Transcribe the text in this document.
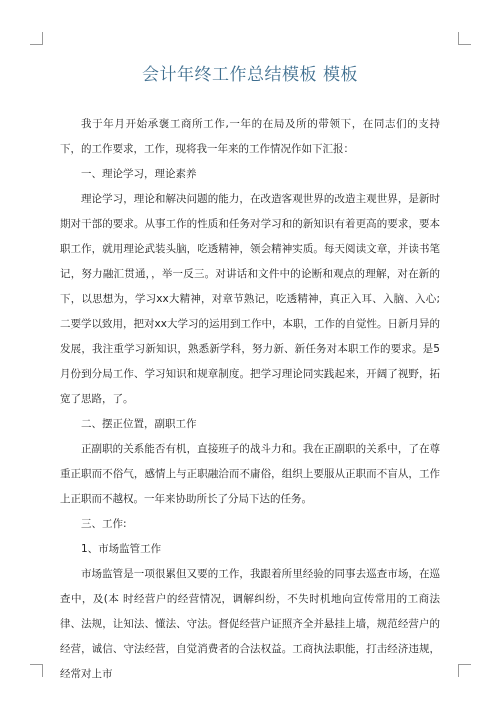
会计年终工作总结模板 模板

我于年月开始承褒工商所工作,一年的在局及所的带领下，在同志们的支持下，的工作要求，工作，现将我一年来的工作情况作如下汇报：

一、理论学习，理论素养

理论学习，理论和解决问题的能力，在改造客观世界的改造主观世界，是新时期对干部的要求。从事工作的性质和任务对学习和的新知识有着更高的要求，要本职工作，就用理论武装头脑，吃透精神，领会精神实质。每天阅读文章，并读书笔记，努力融汇贯通，，举一反三。对讲话和文件中的论断和观点的理解，对在新的下，以思想为，学习xx大精神，对章节熟记，吃透精神，真正入耳、入脑、入心;二要学以致用，把对xx大学习的运用到工作中，本职，工作的自觉性。日新月异的发展，我注重学习新知识，熟悉新学科，努力新、新任务对本职工作的要求。是5月份到分局工作、学习知识和规章制度。把学习理论同实践起来，开阔了视野，拓宽了思路，了。

二、摆正位置，副职工作

正副职的关系能否有机，直接班子的战斗力和。我在正副职的关系中，了在尊重正职而不俗气，感情上与正职融洽而不庸俗，组织上要服从正职而不盲从，工作上正职而不越权。一年来协助所长了分局下达的任务。

三、工作:

1、市场监管工作

市场监管是一项很累但又要的工作，我跟着所里经验的同事去巡查市场，在巡查中，及(本 时经营户的经营情况，调解纠纷，不失时机地向宣传常用的工商法律、法规，让知法、懂法、守法。督促经营户证照齐全并悬挂上墙，规范经营户的经营，诚信、守法经营，自觉消费者的合法权益。工商执法职能，打击经济违规，经常对上市
